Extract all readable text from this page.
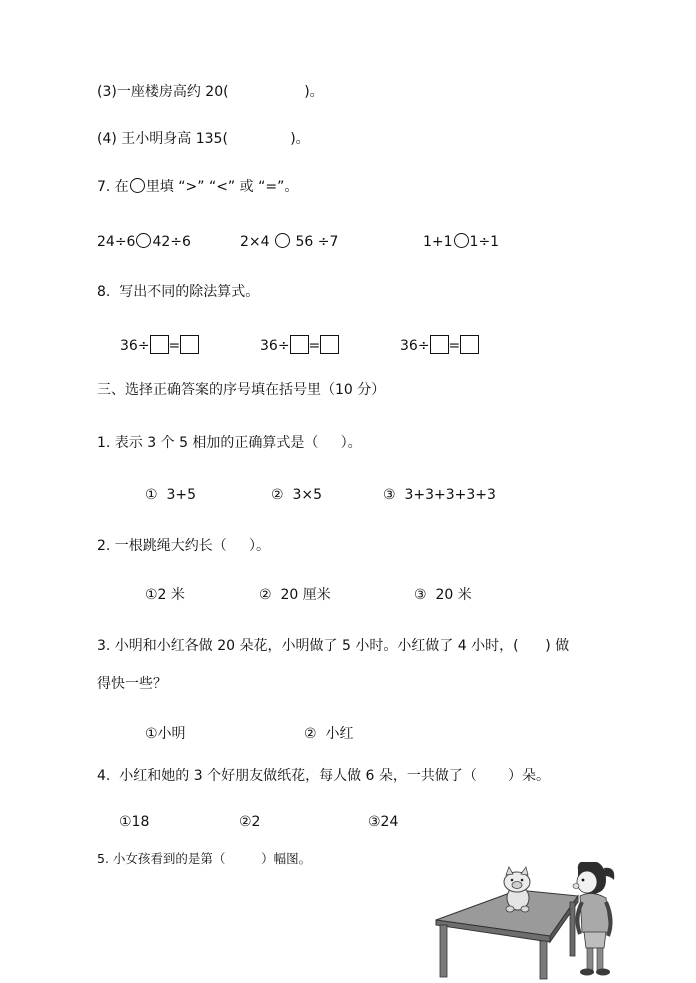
(3)一座楼房高约 20(                 )。
(4) 王小明身高 135(              )。
7. 在 里填 “>” “<” 或 “=”。
24÷6 42÷6	2×4  56 ÷7	1+1 1÷1
8.  写出不同的除法算式。
36÷ =	36÷ =	36÷ =
三、选择正确答案的序号填在括号里（10 分）
1. 表示 3 个 5 相加的正确算式是（     ）。
①  3+5	②  3×5	③  3+3+3+3+3
2. 一根跳绳大约长（     ）。
①2 米	②  20 厘米	③  20 米
3. 小明和小红各做 20 朵花，小明做了 5 小时。小红做了 4 小时，(      ) 做
得快一些？
①小明	②  小红
4.  小红和她的 3 个好朋友做纸花，每人做 6 朵，一共做了（       ）朵。
①18	②2	③24
5. 小女孩看到的是第（         ）幅图。
